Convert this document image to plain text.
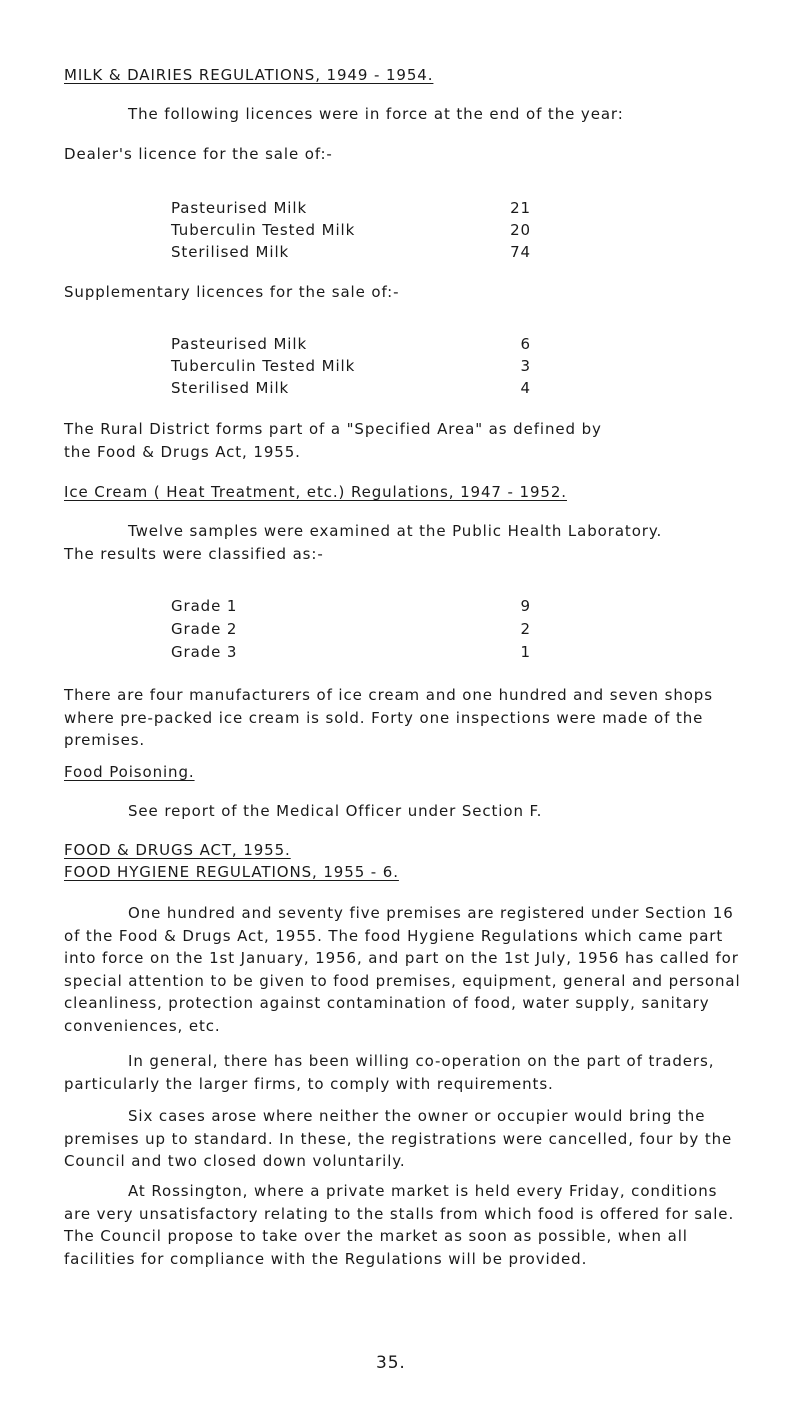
MILK & DAIRIES REGULATIONS, 1949 - 1954.
The following licences were in force at the end of the year:
Dealer's licence for the sale of:-
Pasteurised Milk	21
Tuberculin Tested Milk	20
Sterilised Milk	74
Supplementary licences for the sale of:-
Pasteurised Milk	6
Tuberculin Tested Milk	3
Sterilised Milk	4
The Rural District forms part of a "Specified Area" as defined by
the Food & Drugs Act, 1955.
Ice Cream ( Heat Treatment, etc.) Regulations, 1947 - 1952.
Twelve samples were examined at the Public Health Laboratory.
The results were classified as:-
Grade 1	9
Grade 2	2
Grade 3	1

There are four manufacturers of ice cream and one hundred and seven shops where pre-packed ice cream is sold. Forty one inspections were made of the premises.

Food Poisoning.
See report of the Medical Officer under Section F.
FOOD & DRUGS ACT, 1955.
FOOD HYGIENE REGULATIONS, 1955 - 6.

One hundred and seventy five premises are registered under Section 16 of the Food & Drugs Act, 1955. The food Hygiene Regulations which came part into force on the 1st January, 1956, and part on the 1st July, 1956 has called for special attention to be given to food premises, equipment, general and personal cleanliness, protection against contamination of food, water supply, sanitary conveniences, etc.

In general, there has been willing co-operation on the part of traders, particularly the larger firms, to comply with requirements.

Six cases arose where neither the owner or occupier would bring the premises up to standard. In these, the registrations were cancelled, four by the Council and two closed down voluntarily.

At Rossington, where a private market is held every Friday, conditions are very unsatisfactory relating to the stalls from which food is offered for sale. The Council propose to take over the market as soon as possible, when all facilities for compliance with the Regulations will be provided.

35.
